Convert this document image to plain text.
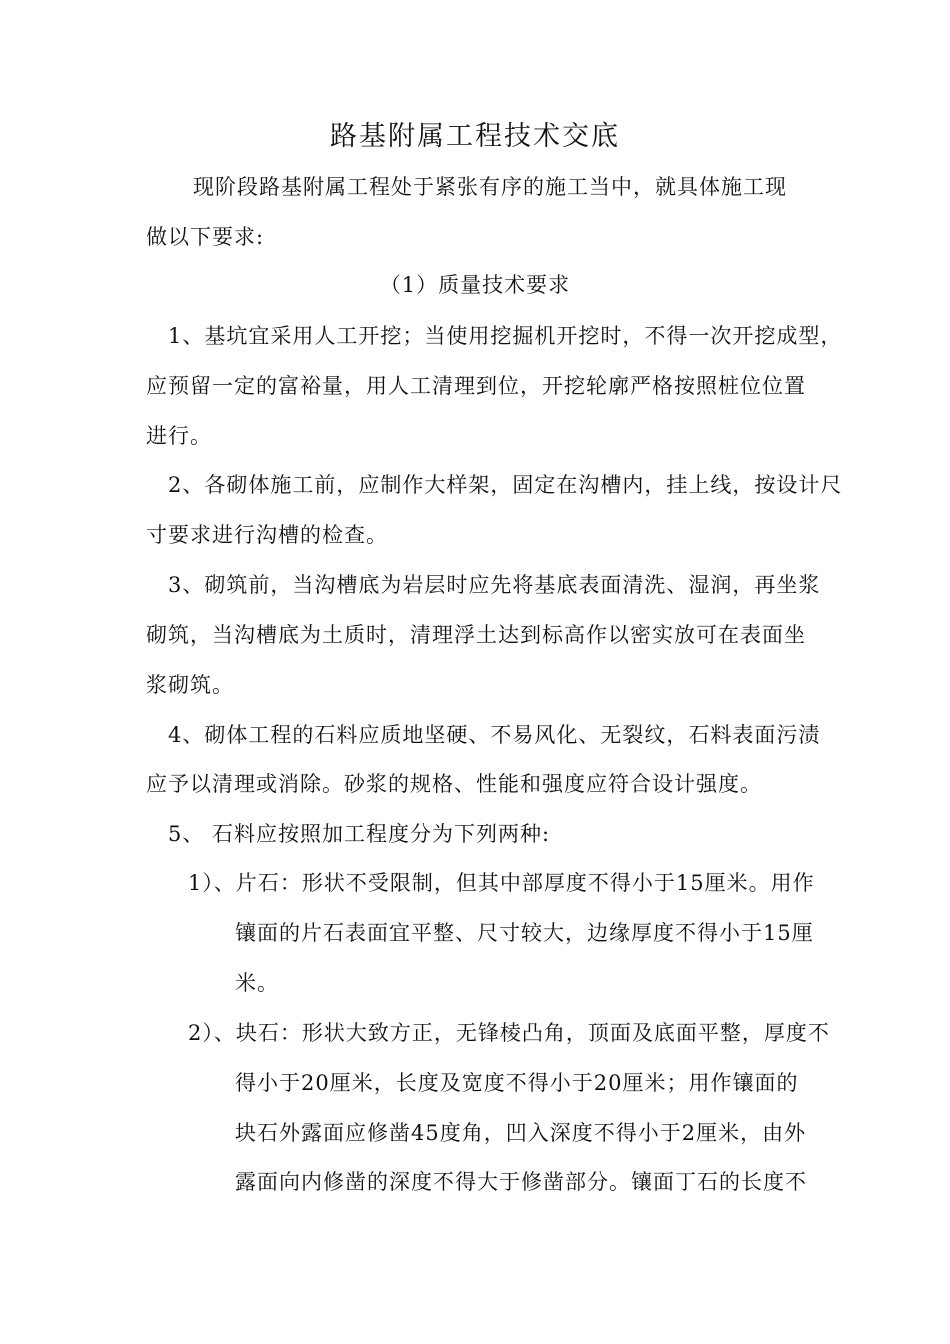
路基附属工程技术交底
现阶段路基附属工程处于紧张有序的施工当中，就具体施工现
做以下要求:
（1）质量技术要求
1、基坑宜采用人工开挖；当使用挖掘机开挖时，不得一次开挖成型，
应预留一定的富裕量，用人工清理到位，开挖轮廓严格按照桩位位置
进行。
2、各砌体施工前，应制作大样架，固定在沟槽内，挂上线，按设计尺
寸要求进行沟槽的检查。
3、砌筑前，当沟槽底为岩层时应先将基底表面清洗、湿润，再坐浆
砌筑，当沟槽底为土质时，清理浮土达到标高作以密实放可在表面坐
浆砌筑。
4、砌体工程的石料应质地坚硬、不易风化、无裂纹，石料表面污渍
应予以清理或消除。砂浆的规格、性能和强度应符合设计强度。
5、 石料应按照加工程度分为下列两种:
1）、片石：形状不受限制，但其中部厚度不得小于15厘米。用作
镶面的片石表面宜平整、尺寸较大，边缘厚度不得小于15厘
米。
2）、块石：形状大致方正，无锋棱凸角，顶面及底面平整，厚度不
得小于20厘米，长度及宽度不得小于20厘米；用作镶面的
块石外露面应修凿45度角，凹入深度不得小于2厘米，由外
露面向内修凿的深度不得大于修凿部分。镶面丁石的长度不
